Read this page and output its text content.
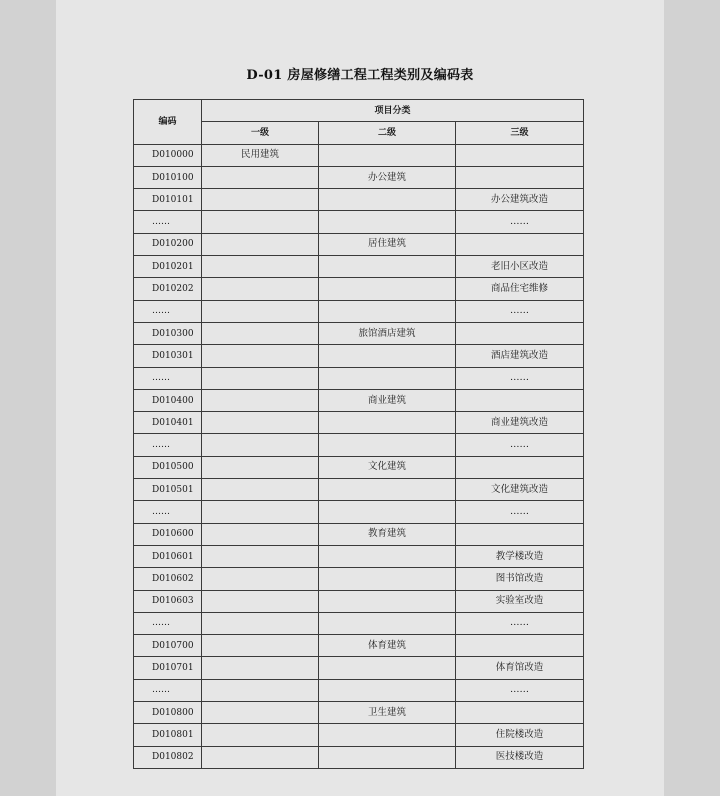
D-01 房屋修缮工程工程类别及编码表
编码	项目分类		
	一级	二级	三级
D010000	民用建筑		
D010100		办公建筑	
D010101			办公建筑改造
……			……
D010200		居住建筑	
D010201			老旧小区改造
D010202			商品住宅维修
……			……
D010300		旅馆酒店建筑	
D010301			酒店建筑改造
……			……
D010400		商业建筑	
D010401			商业建筑改造
……			……
D010500		文化建筑	
D010501			文化建筑改造
……			……
D010600		教育建筑	
D010601			教学楼改造
D010602			图书馆改造
D010603			实验室改造
……			……
D010700		体育建筑	
D010701			体育馆改造
……			……
D010800		卫生建筑	
D010801			住院楼改造
D010802			医技楼改造
